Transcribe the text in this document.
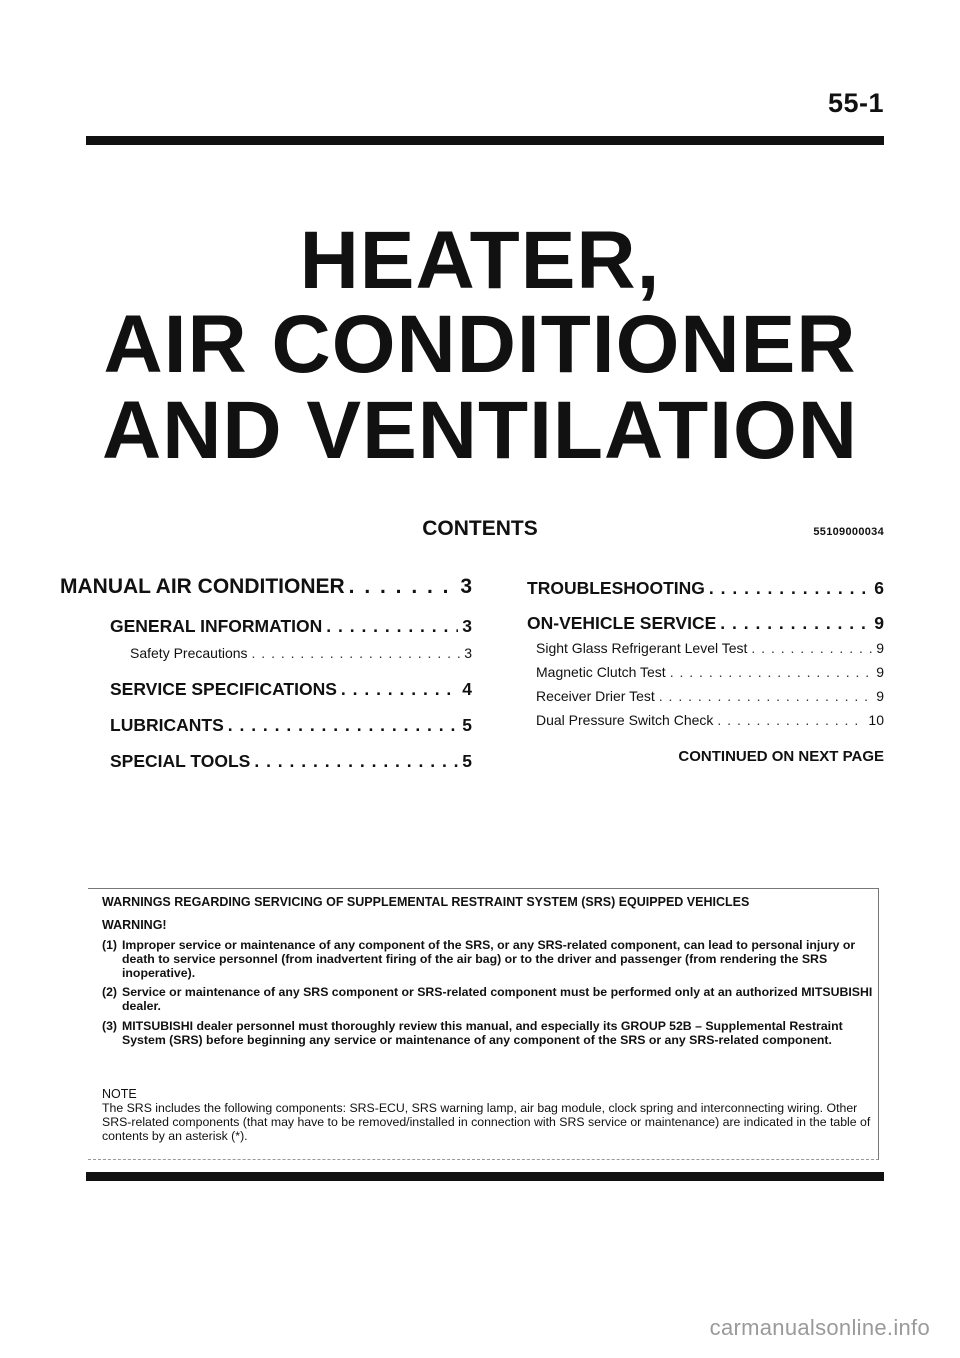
55-1
HEATER,
AIR CONDITIONER
AND VENTILATION
CONTENTS	55109000034
MANUAL AIR CONDITIONER . . .	3
GENERAL INFORMATION . . .	3
Safety Precautions . . .	3
SERVICE SPECIFICATIONS . . .	4
LUBRICANTS . . .	5
SPECIAL TOOLS . . .	5
TROUBLESHOOTING . . .	6
ON-VEHICLE SERVICE . . .	9
Sight Glass Refrigerant Level Test . . .	9
Magnetic Clutch Test . . .	9
Receiver Drier Test . . .	9
Dual Pressure Switch Check . . .	10
CONTINUED ON NEXT PAGE
WARNINGS REGARDING SERVICING OF SUPPLEMENTAL RESTRAINT SYSTEM (SRS) EQUIPPED VEHICLES
WARNING!
(1) Improper service or maintenance of any component of the SRS, or any SRS-related component, can lead to personal injury or death to service personnel (from inadvertent firing of the air bag) or to the driver and passenger (from rendering the SRS inoperative).
(2) Service or maintenance of any SRS component or SRS-related component must be performed only at an authorized MITSUBISHI dealer.
(3) MITSUBISHI dealer personnel must thoroughly review this manual, and especially its GROUP 52B – Supplemental Restraint System (SRS) before beginning any service or maintenance of any component of the SRS or any SRS-related component.
NOTE
The SRS includes the following components: SRS-ECU, SRS warning lamp, air bag module, clock spring and interconnecting wiring. Other SRS-related components (that may have to be removed/installed in connection with SRS service or maintenance) are indicated in the table of contents by an asterisk (*).
carmanualsonline.info
